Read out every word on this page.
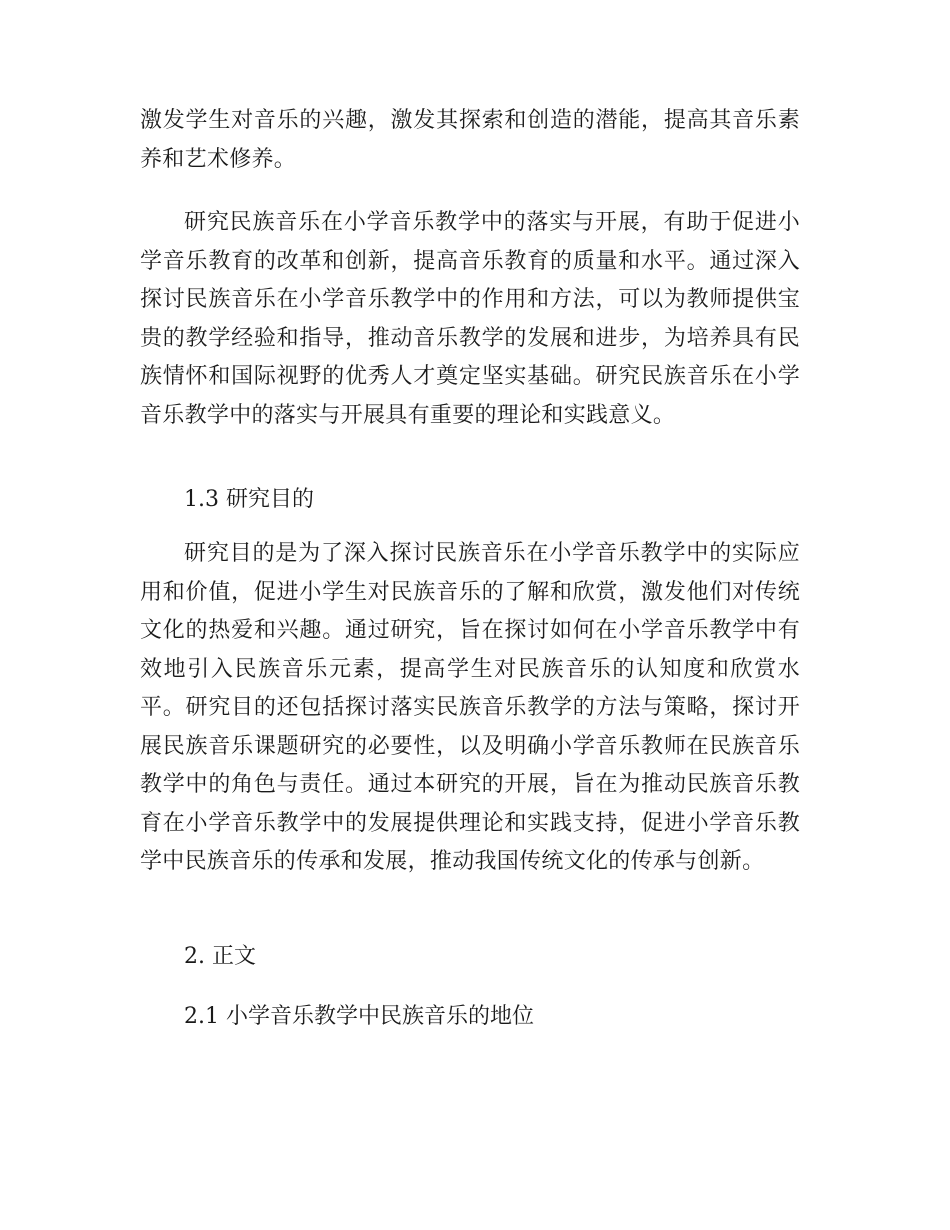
激发学生对音乐的兴趣，激发其探索和创造的潜能，提高其音乐素养和艺术修养。

研究民族音乐在小学音乐教学中的落实与开展，有助于促进小学音乐教育的改革和创新，提高音乐教育的质量和水平。通过深入探讨民族音乐在小学音乐教学中的作用和方法，可以为教师提供宝贵的教学经验和指导，推动音乐教学的发展和进步，为培养具有民族情怀和国际视野的优秀人才奠定坚实基础。研究民族音乐在小学音乐教学中的落实与开展具有重要的理论和实践意义。

1.3 研究目的

研究目的是为了深入探讨民族音乐在小学音乐教学中的实际应用和价值，促进小学生对民族音乐的了解和欣赏，激发他们对传统文化的热爱和兴趣。通过研究，旨在探讨如何在小学音乐教学中有效地引入民族音乐元素，提高学生对民族音乐的认知度和欣赏水平。研究目的还包括探讨落实民族音乐教学的方法与策略，探讨开展民族音乐课题研究的必要性，以及明确小学音乐教师在民族音乐教学中的角色与责任。通过本研究的开展，旨在为推动民族音乐教育在小学音乐教学中的发展提供理论和实践支持，促进小学音乐教学中民族音乐的传承和发展，推动我国传统文化的传承与创新。

2. 正文

2.1 小学音乐教学中民族音乐的地位
